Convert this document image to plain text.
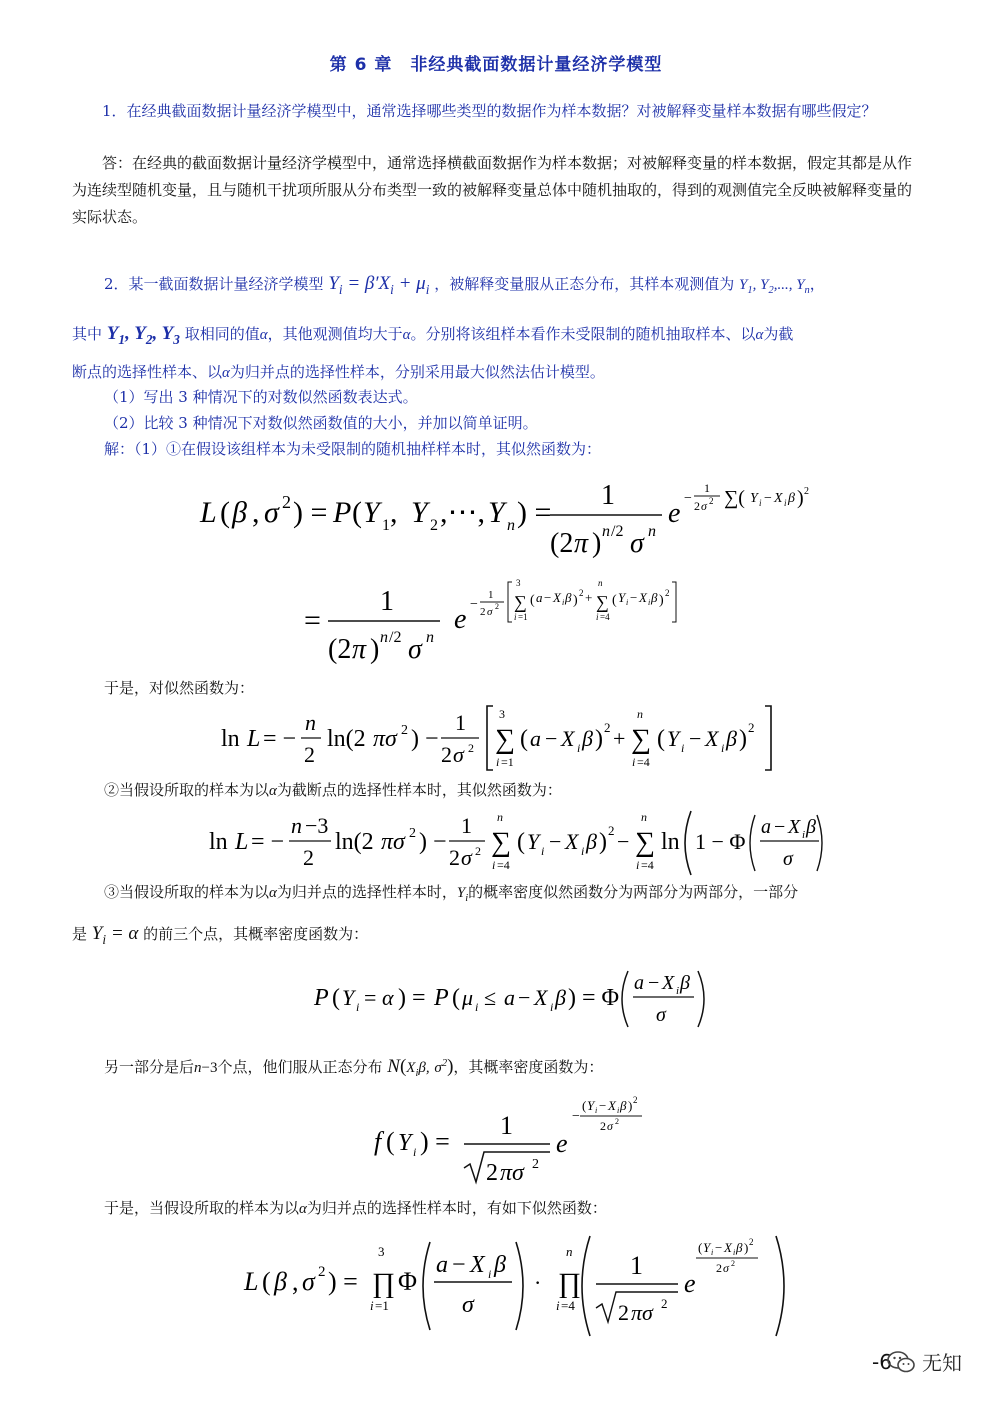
第 6 章　非经典截面数据计量经济学模型
1．在经典截面数据计量经济学模型中，通常选择哪些类型的数据作为样本数据？对被解释变量样本数据有哪些假定？
答：在经典的截面数据计量经济学模型中，通常选择横截面数据作为样本数据；对被解释变量的样本数据，假定其都是从作为连续型随机变量，且与随机干扰项所服从分布类型一致的被解释变量总体中随机抽取的，得到的观测值完全反映被解释变量的实际状态。
2．某一截面数据计量经济学模型 $Y_i = \beta'X_i + \mu_i$ ，被解释变量服从正态分布，其样本观测值为 $Y_1$, $Y_2$,..., $Y_n$，
其中 $Y_1$, $Y_2$, $Y_3$ 取相同的值α，其他观测值均大于α。分别将该组样本看作未受限制的随机抽取样本、以α为截
断点的选择性样本、以α为归并点的选择性样本，分别采用最大似然法估计模型。
（1）写出 3 种情况下的对数似然函数表达式。
（2）比较 3 种情况下对数似然函数值的大小，并加以简单证明。
解：（1）①在假设该组样本为未受限制的随机抽样样本时，其似然函数为：
L ( β , σ 2 ) = P ( Y 1 , Y 2 ,⋯, Y n ) =
1
(2 π ) n /2 σ n
e −
1
2 σ 2 ∑( Y i − X i β ) 2
=
1
(2 π ) n /2 σ n
e −
1
2 σ 2
3
∑
i =1
( a − X i β ) 2 +
n
∑
i =4
( Y i − X i β ) 2
于是，对似然函数为：
ln L = −
n
2
ln(2 πσ 2 ) −
1
2 σ 2
3
∑
i =1
( a − X i β ) 2 +
n
∑
i =4
( Y i − X i β ) 2
②当假设所取的样本为以α为截断点的选择性样本时，其似然函数为：
ln L = −
n −3
2
ln(2 πσ 2 ) −
1
2 σ 2
n
∑
i =4
( Y i − X i β ) 2 −
n
∑
i =4
ln 1 − Φ
a − X i β
σ
③当假设所取的样本为以α为归并点的选择性样本时，$Y_i$的概率密度似然函数分为两部分为两部分，一部分
是 $Y_i = \alpha$ 的前三个点，其概率密度函数为：
P ( Y i = α ) = P ( μ i ≤ a − X i β ) = Φ
a − X i β
σ
另一部分是后n−3个点，他们服从正态分布 $N(X_i\beta$, $\sigma^2$)，其概率密度函数为：
f ( Y i ) =
1
2 πσ 2
e
−
( Y i − X i β ) 2
2 σ 2
于是，当假设所取的样本为以α为归并点的选择性样本时，有如下似然函数：
L ( β , σ 2 ) =
3
∏
i =1
Φ
a − X i β
σ
·
n
∏
i =4
1
2 πσ 2
e
( Y i − X i β ) 2
2 σ 2
-6 无知
